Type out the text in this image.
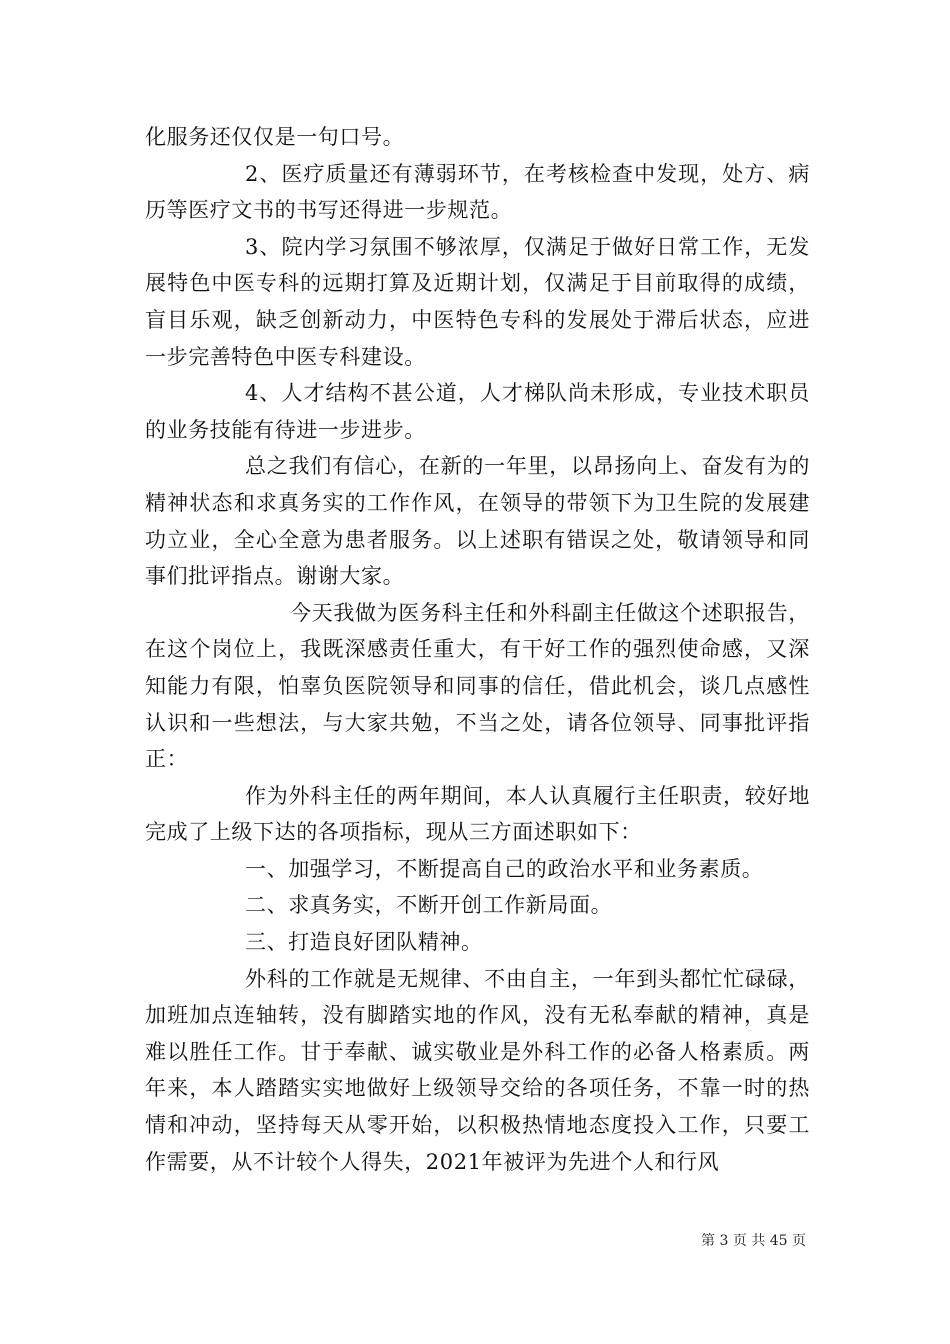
化服务还仅仅是一句口号。

2、医疗质量还有薄弱环节，在考核检查中发现，处方、病历等医疗文书的书写还得进一步规范。

3、院内学习氛围不够浓厚，仅满足于做好日常工作，无发展特色中医专科的远期打算及近期计划，仅满足于目前取得的成绩，盲目乐观，缺乏创新动力，中医特色专科的发展处于滞后状态，应进一步完善特色中医专科建设。

4、人才结构不甚公道，人才梯队尚未形成，专业技术职员的业务技能有待进一步进步。

总之我们有信心，在新的一年里，以昂扬向上、奋发有为的精神状态和求真务实的工作作风，在领导的带领下为卫生院的发展建功立业，全心全意为患者服务。以上述职有错误之处，敬请领导和同事们批评指点。谢谢大家。

今天我做为医务科主任和外科副主任做这个述职报告，在这个岗位上，我既深感责任重大，有干好工作的强烈使命感，又深知能力有限，怕辜负医院领导和同事的信任，借此机会，谈几点感性认识和一些想法，与大家共勉，不当之处，请各位领导、同事批评指正：

作为外科主任的两年期间，本人认真履行主任职责，较好地完成了上级下达的各项指标，现从三方面述职如下：

一、加强学习，不断提高自己的政治水平和业务素质。

二、求真务实，不断开创工作新局面。

三、打造良好团队精神。

外科的工作就是无规律、不由自主，一年到头都忙忙碌碌，加班加点连轴转，没有脚踏实地的作风，没有无私奉献的精神，真是难以胜任工作。甘于奉献、诚实敬业是外科工作的必备人格素质。两年来，本人踏踏实实地做好上级领导交给的各项任务，不靠一时的热情和冲动，坚持每天从零开始，以积极热情地态度投入工作，只要工作需要，从不计较个人得失，2021年被评为先进个人和行风

第 3 页 共 45 页
